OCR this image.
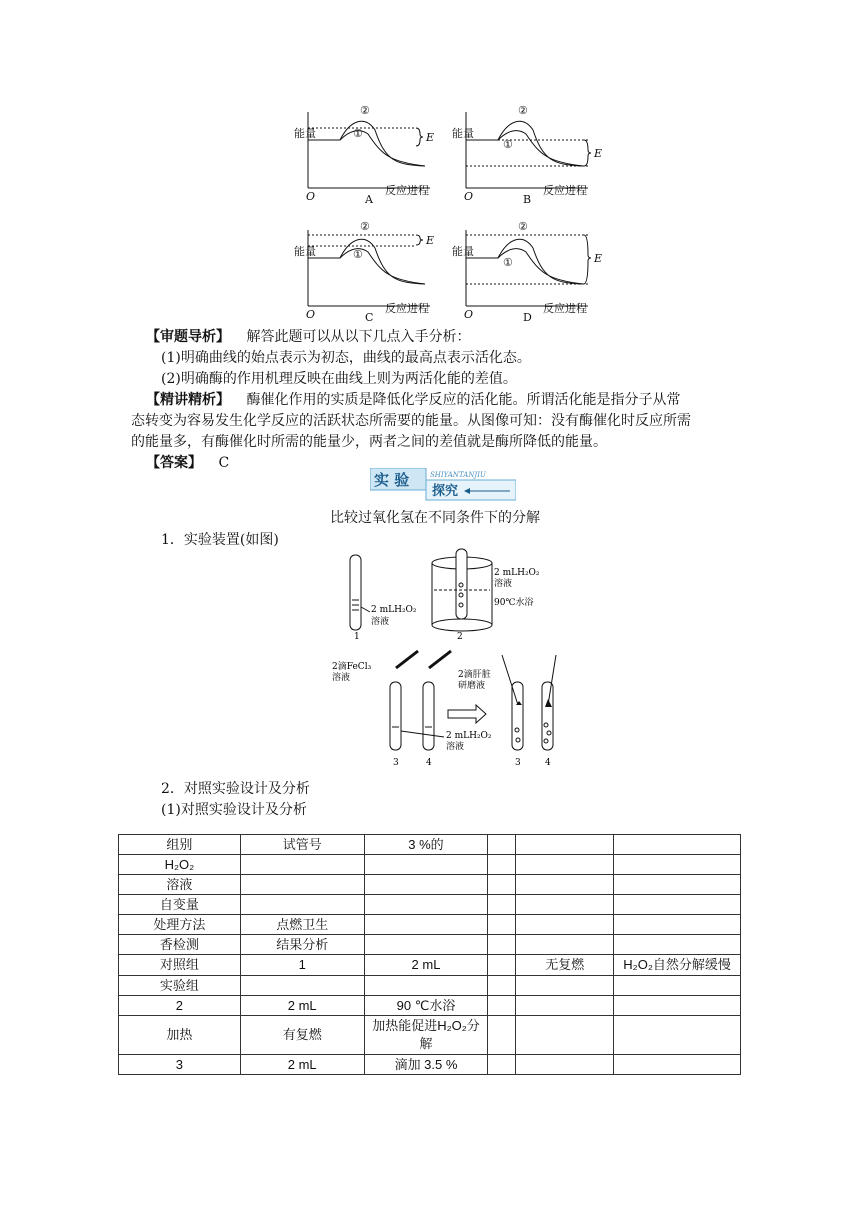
②
①	E
能量
O	反应进程
A
②
①
E
能量
O	反应进程
B
②
①
E
能量
O	反应进程
C
②
①	E
能量
O	反应进程
D
【审题导析】 解答此题可以从以下几点入手分析：
(1)明确曲线的始点表示为初态，曲线的最高点表示活化态。
(2)明确酶的作用机理反映在曲线上则为两活化能的差值。
【精讲精析】 酶催化作用的实质是降低化学反应的活化能。所谓活化能是指分子从常
态转变为容易发生化学反应的活跃状态所需要的能量。从图像可知：没有酶催化时反应所需
的能量多，有酶催化时所需的能量少，两者之间的差值就是酶所降低的能量。
【答案】 C
实 验	SHIYANTANJIU
探究
比较过氧化氢在不同条件下的分解
1．实验装置(如图)
2 mLH₂O₂
溶液
1
2 mLH₂O₂
溶液
90℃水浴
2
2滴FeCl₃
溶液	2滴肝脏
研磨液
2 mLH₂O₂
溶液
3	4	3	4
2．对照实验设计及分析
(1)对照实验设计及分析
组别	试管号	3 %的			
H₂O₂					
溶液					
自变量					
处理方法	点燃卫生				
香检测	结果分析				
对照组	1	2 mL		无复燃	H₂O₂自然分解缓慢
实验组					
2	2 mL	90 ℃水浴			
加热	有复燃	加热能促进H₂O₂分解			
3	2 mL	滴加 3.5 %			
